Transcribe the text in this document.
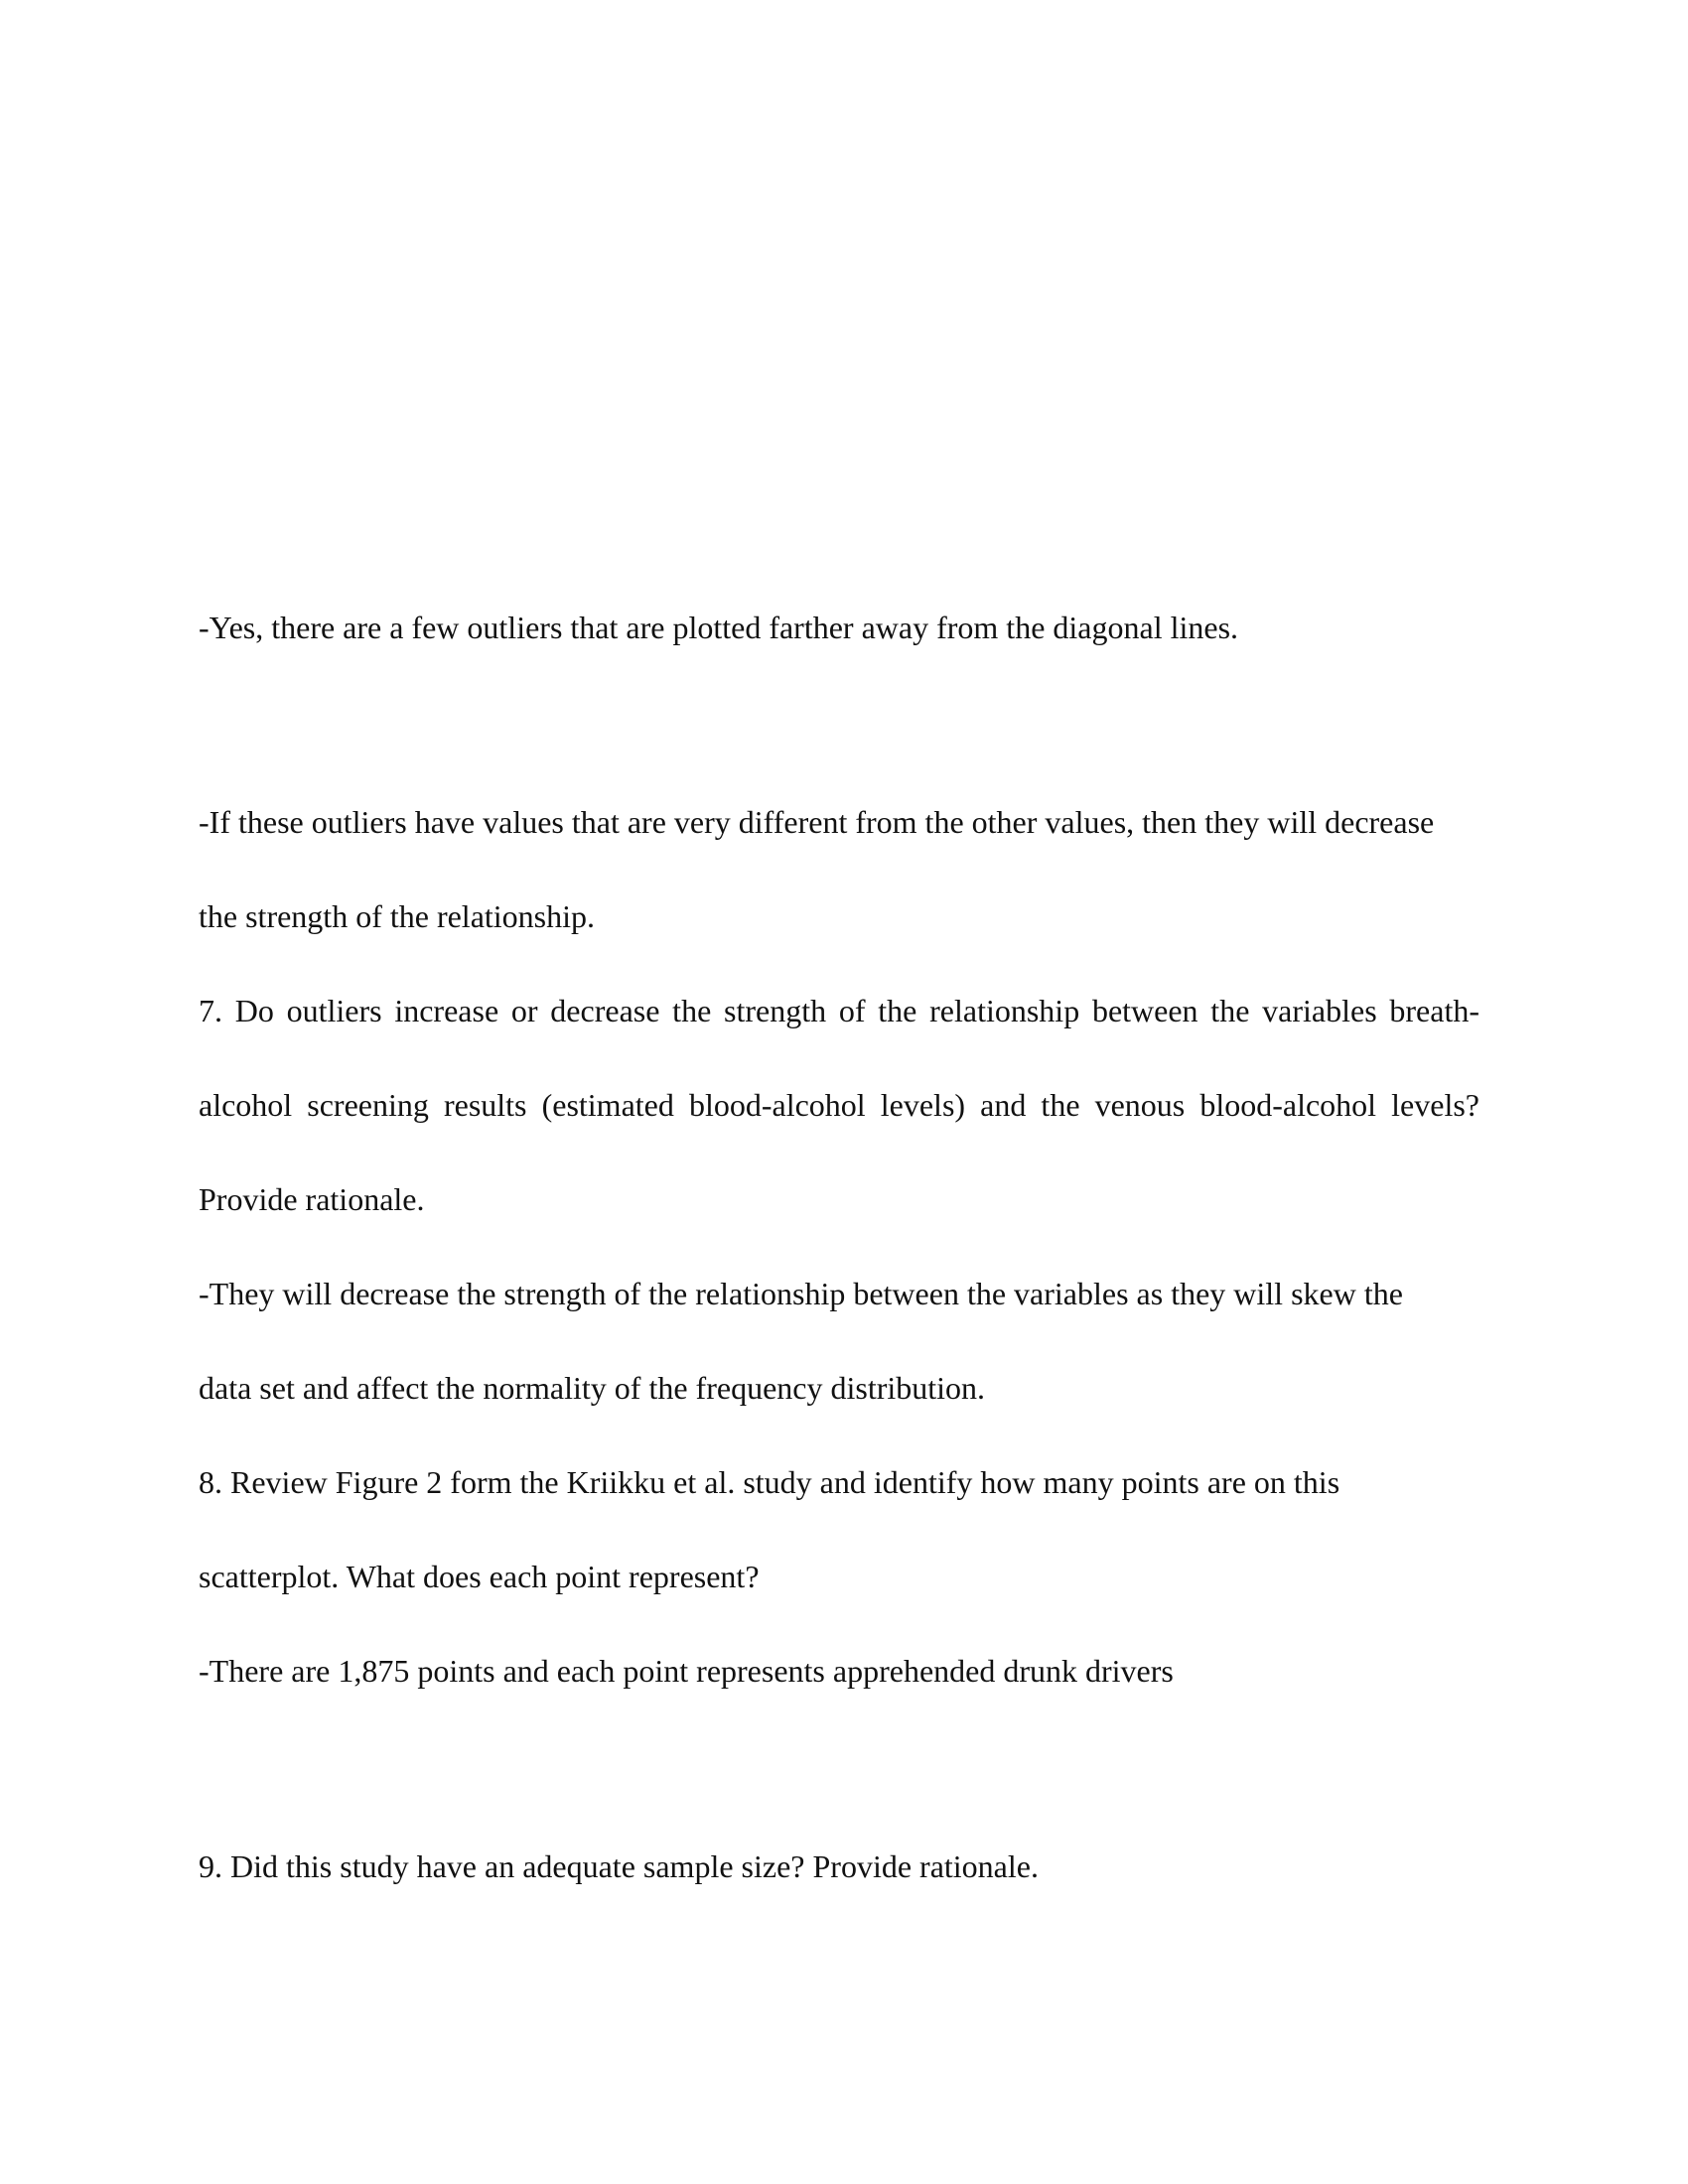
-Yes, there are a few outliers that are plotted farther away from the diagonal lines.
-If these outliers have values that are very different from the other values, then they will decrease
the strength of the relationship.
7. Do outliers increase or decrease the strength of the relationship between the variables breath-
alcohol screening results (estimated blood-alcohol levels) and the venous blood-alcohol levels?
Provide rationale.
-They will decrease the strength of the relationship between the variables as they will skew the
data set and affect the normality of the frequency distribution.
8. Review Figure 2 form the Kriikku et al. study and identify how many points are on this
scatterplot. What does each point represent?
-There are 1,875 points and each point represents apprehended drunk drivers
9. Did this study have an adequate sample size? Provide rationale.
